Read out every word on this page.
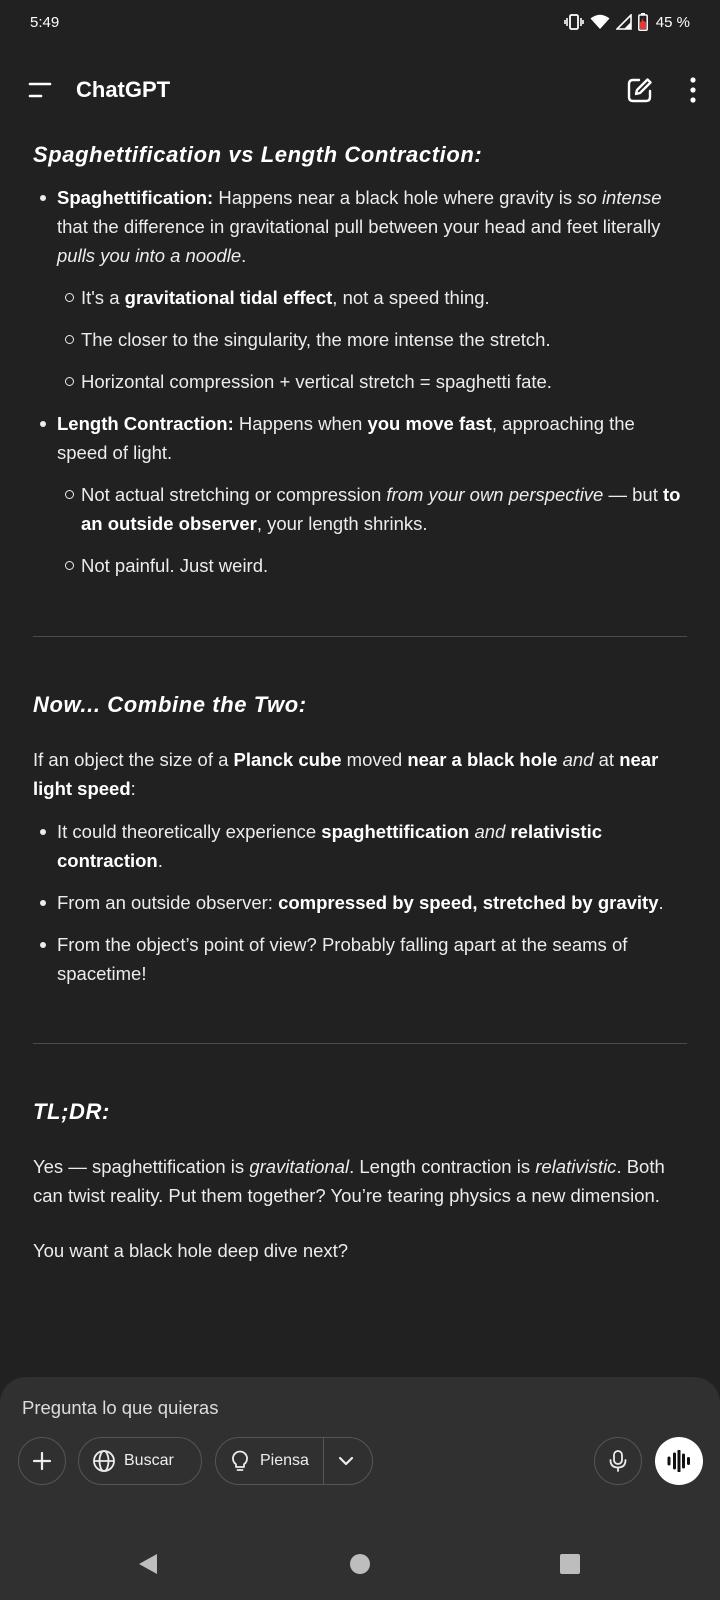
5:49	45 %
ChatGPT
Spaghettification vs Length Contraction:
Spaghettification: Happens near a black hole where gravity is so intense that the difference in gravitational pull between your head and feet literally pulls you into a noodle.
It's a gravitational tidal effect, not a speed thing.
The closer to the singularity, the more intense the stretch.
Horizontal compression + vertical stretch = spaghetti fate.
Length Contraction: Happens when you move fast, approaching the speed of light.
Not actual stretching or compression from your own perspective — but to an outside observer, your length shrinks.
Not painful. Just weird.
Now... Combine the Two:

If an object the size of a Planck cube moved near a black hole and at near light speed:

It could theoretically experience spaghettification and relativistic contraction.
From an outside observer: compressed by speed, stretched by gravity.
From the object’s point of view? Probably falling apart at the seams of spacetime!
TL;DR:

Yes — spaghettification is gravitational. Length contraction is relativistic. Both can twist reality. Put them together? You’re tearing physics a new dimension.

You want a black hole deep dive next?

Pregunta lo que quieras
Buscar	Piensa
